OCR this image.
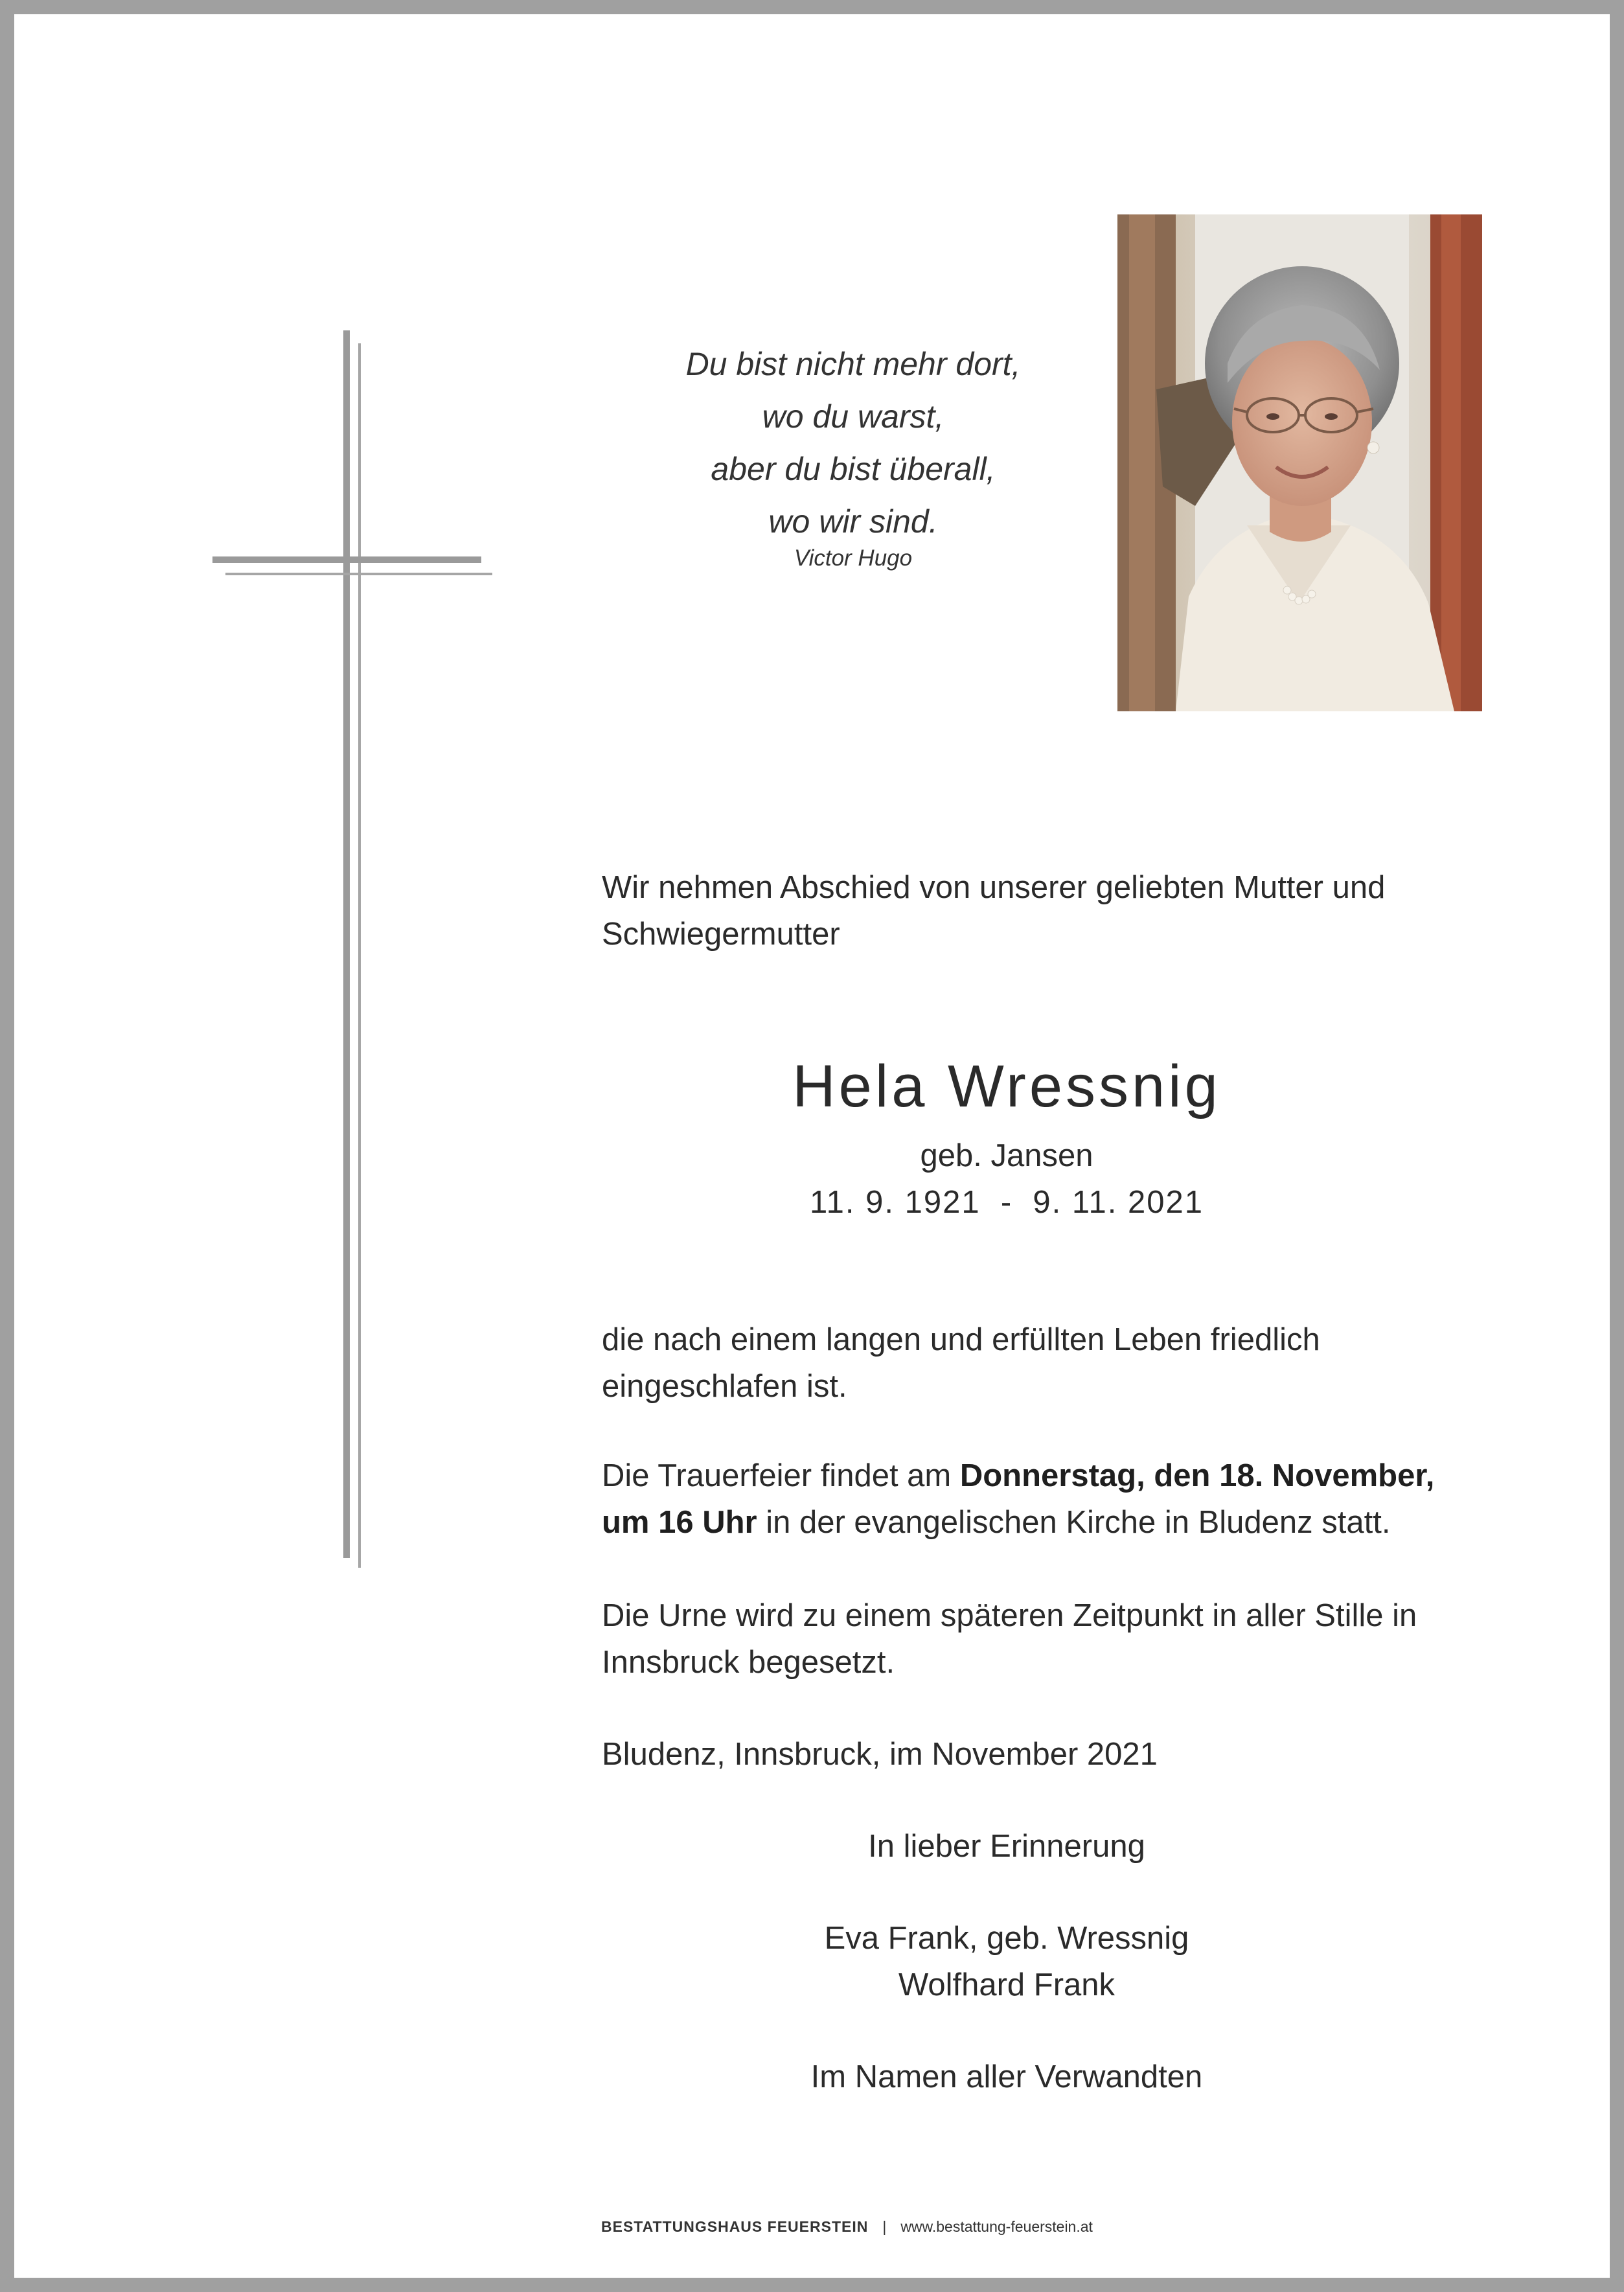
Du bist nicht mehr dort,
wo du warst,
aber du bist überall,
wo wir sind.
Victor Hugo
Wir nehmen Abschied von unserer geliebten Mutter und
Schwiegermutter
Hela Wressnig
geb. Jansen
11. 9. 1921  -  9. 11. 2021
die nach einem langen und erfüllten Leben friedlich
eingeschlafen ist.
Die Trauerfeier findet am Donnerstag, den 18. November,
um 16 Uhr in der evangelischen Kirche in Bludenz statt.
Die Urne wird zu einem späteren Zeitpunkt in aller Stille in
Innsbruck begesetzt.
Bludenz, Innsbruck, im November 2021
In lieber Erinnerung
Eva Frank, geb. Wressnig
Wolfhard Frank
Im Namen aller Verwandten
BESTATTUNGSHAUS FEUERSTEIN | www.bestattung-feuerstein.at
